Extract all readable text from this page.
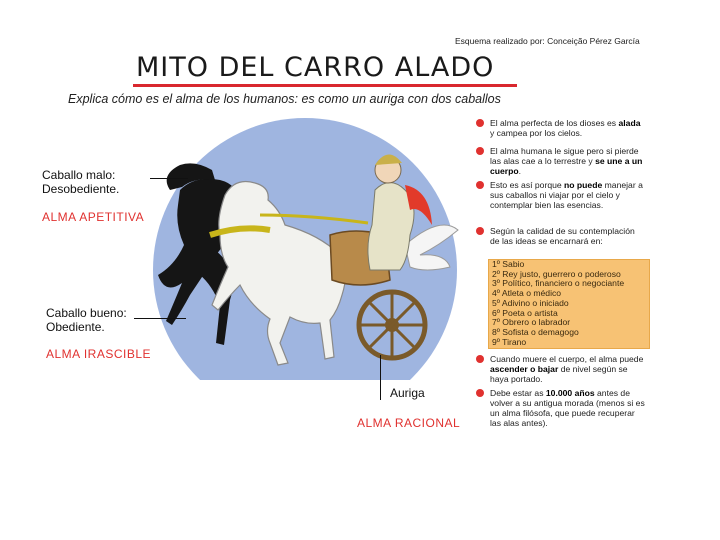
Esquema realizado por: Conceição Pérez García
MITO DEL CARRO ALADO
Explica cómo es el alma de los humanos: es como un auriga con dos caballos
Caballo malo:
Desobediente.
ALMA APETITIVA
Caballo bueno:
Obediente.
ALMA IRASCIBLE
Auriga
ALMA RACIONAL
El alma perfecta de los dioses es alada y campea por los cielos.
El alma humana le sigue pero si pierde las alas cae a lo terrestre y se une a un cuerpo.
Esto es así porque no puede manejar a sus caballos ni viajar por el cielo y contemplar bien las esencias.
Según la calidad de su contemplación de las ideas se encarnará en:
Cuando muere el cuerpo, el alma puede ascender o bajar de nivel según se haya portado.
Debe estar as 10.000 años antes de volver a su antigua morada (menos si es un alma filósofa, que puede recuperar las alas antes).
1º Sabio
2º Rey justo, guerrero o poderoso
3º Político, financiero o negociante
4º Atleta o médico
5º Adivino o iniciado
6º Poeta o artista
7º Obrero o labrador
8º Sofista o demagogo
9º Tirano
